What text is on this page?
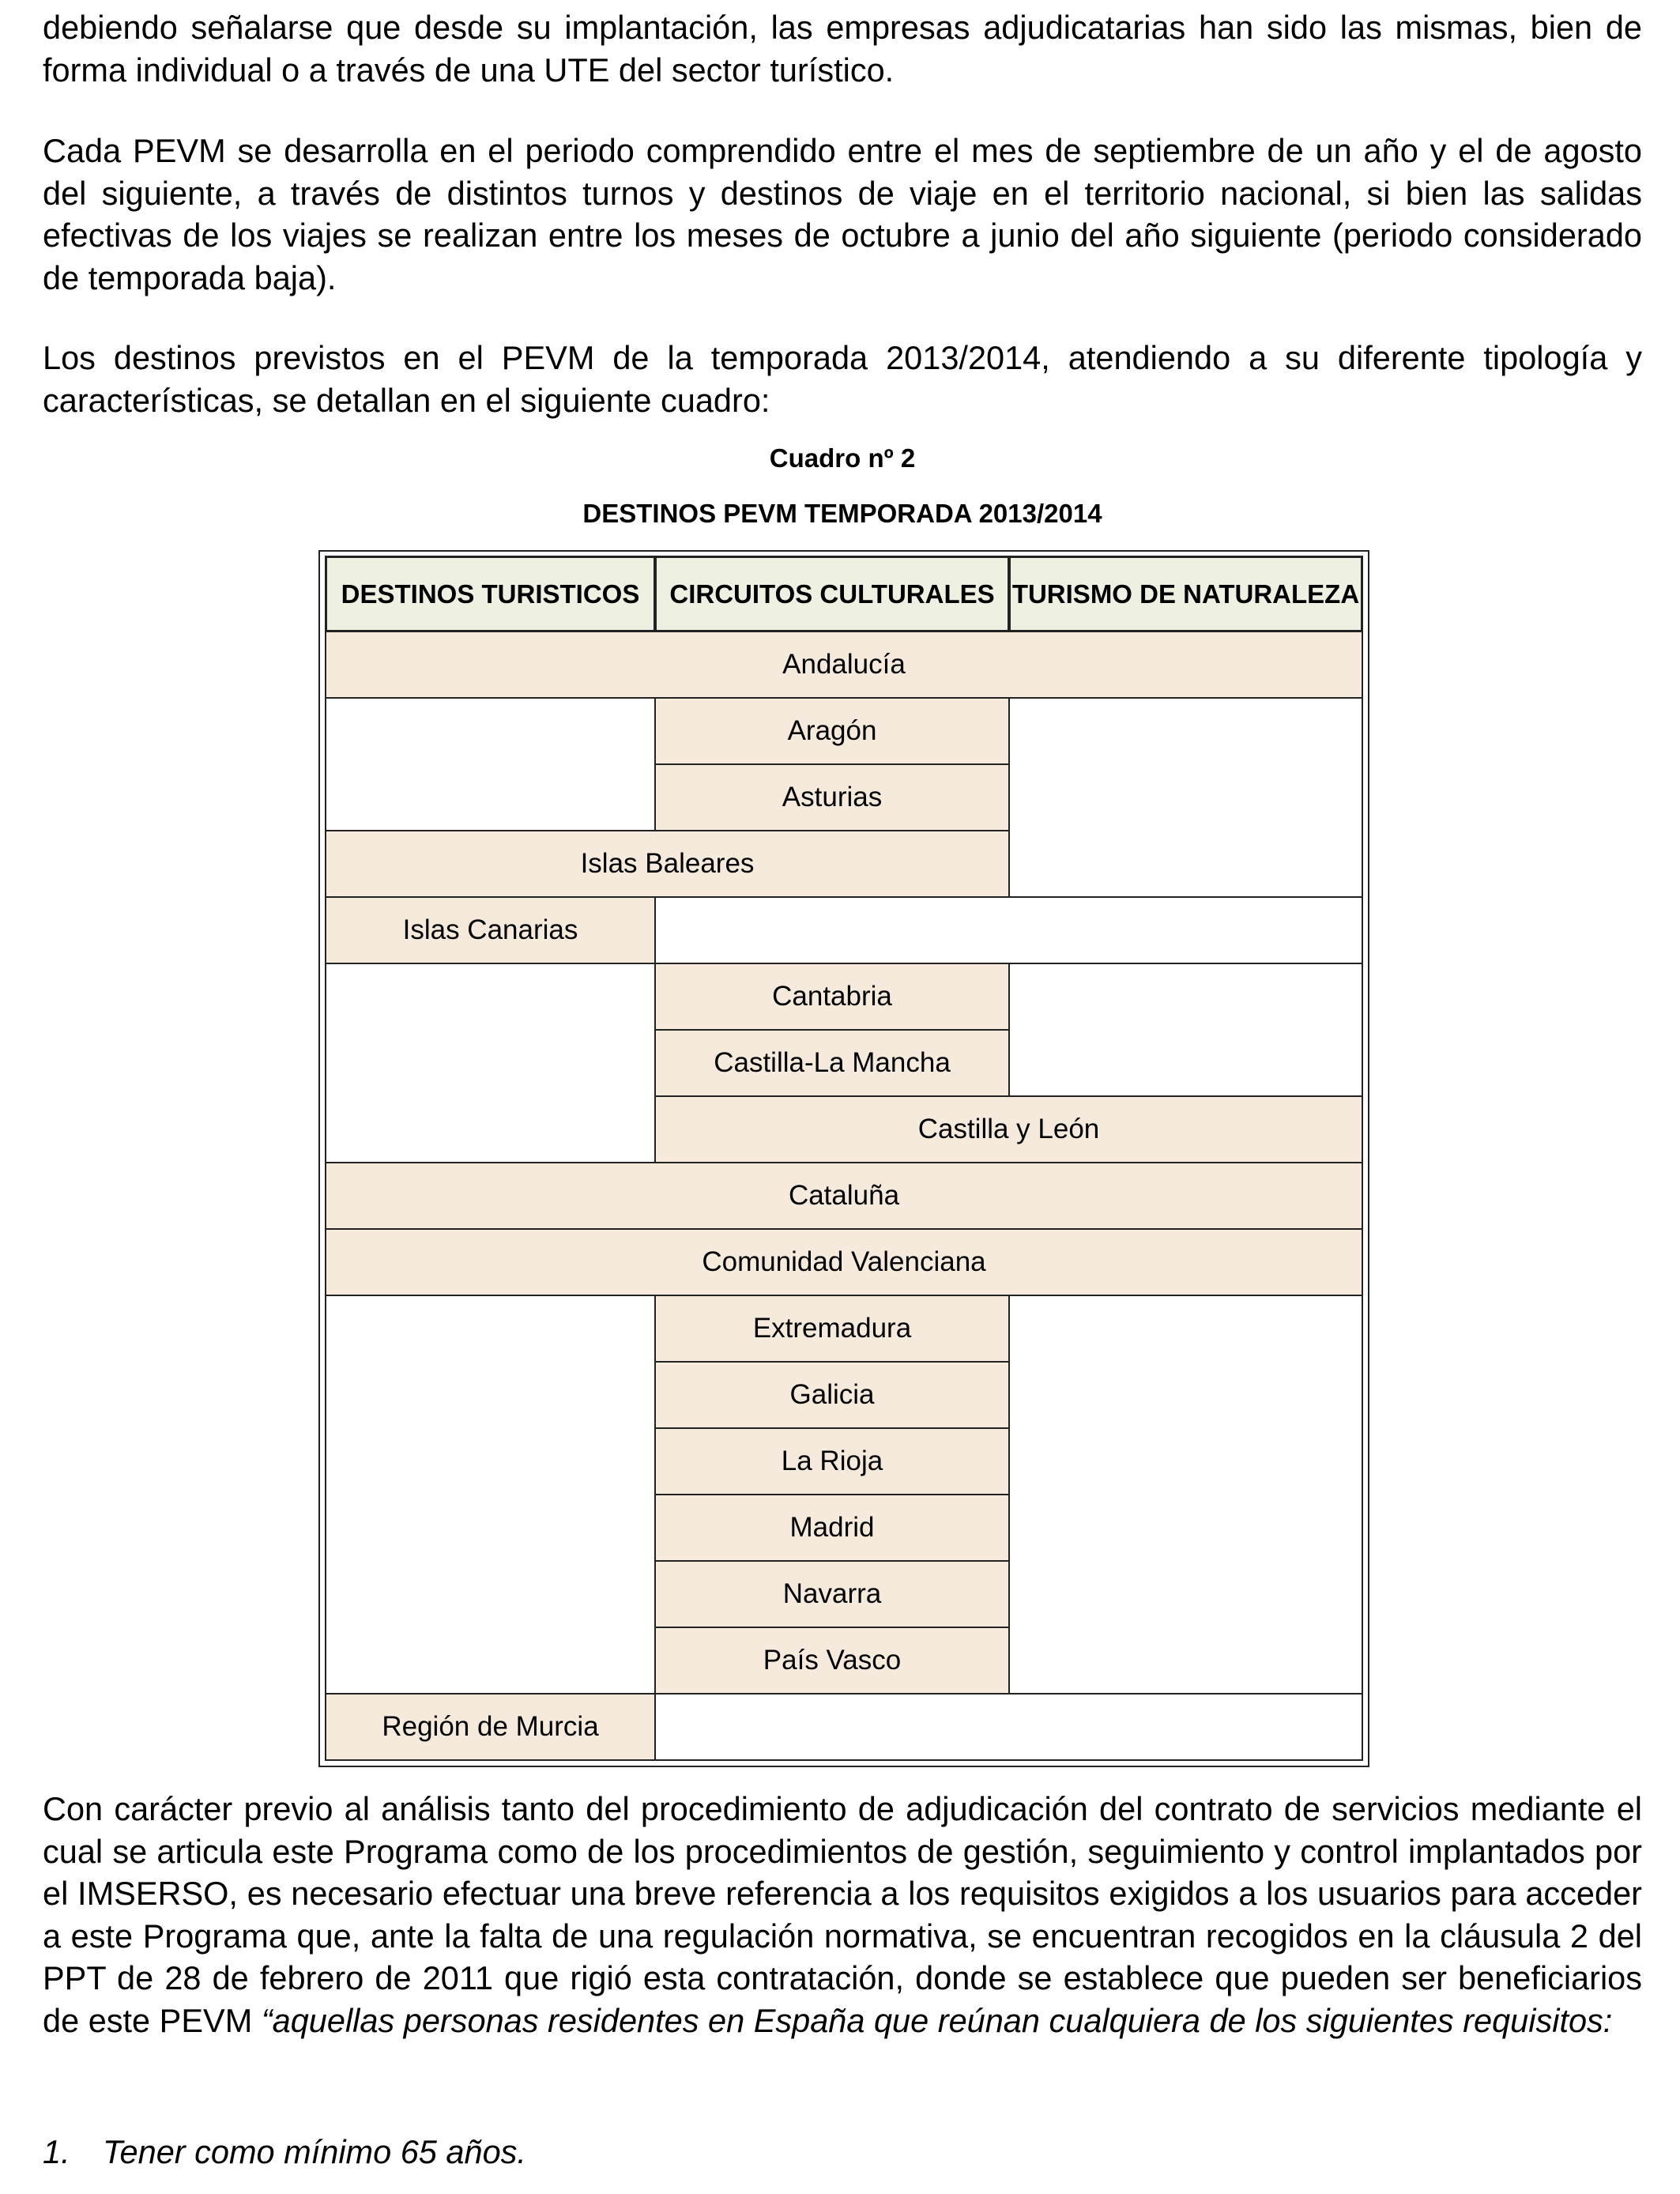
debiendo señalarse que desde su implantación, las empresas adjudicatarias han sido las mismas, bien de forma individual o a través de una UTE del sector turístico.

Cada PEVM se desarrolla en el periodo comprendido entre el mes de septiembre de un año y el de agosto del siguiente, a través de distintos turnos y destinos de viaje en el territorio nacional, si bien las salidas efectivas de los viajes se realizan entre los meses de octubre a junio del año siguiente (periodo considerado de temporada baja).

Los destinos previstos en el PEVM de la temporada 2013/2014, atendiendo a su diferente tipología y características, se detallan en el siguiente cuadro:

Cuadro nº 2
DESTINOS PEVM TEMPORADA 2013/2014
DESTINOS TURISTICOS	CIRCUITOS CULTURALES TURISMO DE NATURALEZA
Andalucía
Aragón
Asturias
Islas Baleares
Islas Canarias
Cantabria
Castilla-La Mancha
Castilla y León
Cataluña
Comunidad Valenciana
Extremadura
Galicia
La Rioja
Madrid
Navarra
País Vasco
Región de Murcia

Con carácter previo al análisis tanto del procedimiento de adjudicación del contrato de servicios mediante el cual se articula este Programa como de los procedimientos de gestión, seguimiento y control implantados por el IMSERSO, es necesario efectuar una breve referencia a los requisitos exigidos a los usuarios para acceder a este Programa que, ante la falta de una regulación normativa, se encuentran recogidos en la cláusula 2 del PPT de 28 de febrero de 2011 que rigió esta contratación, donde se establece que pueden ser beneficiarios de este PEVM “aquellas personas residentes en España que reúnan cualquiera de los siguientes requisitos:

1. Tener como mínimo 65 años.
